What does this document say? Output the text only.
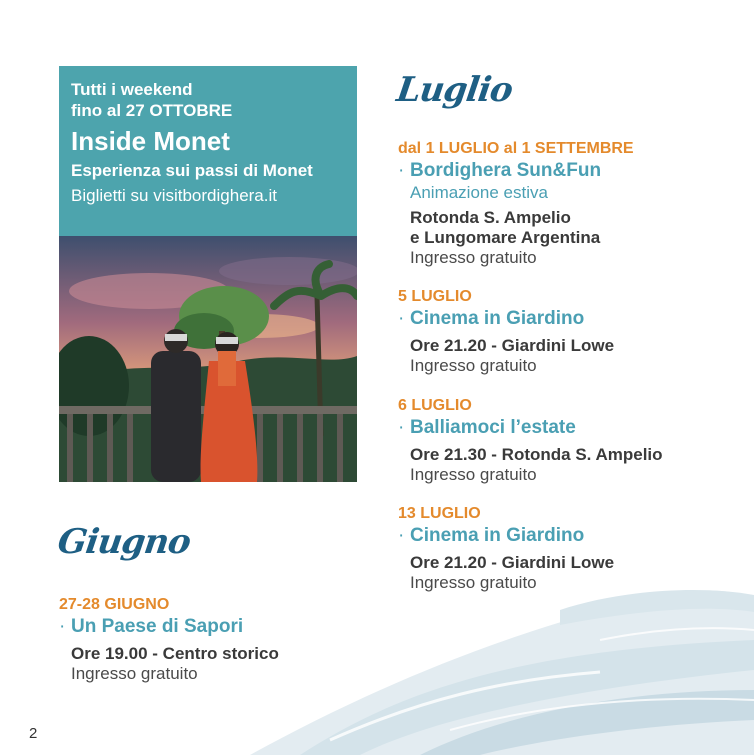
Tutti i weekend
fino al 27 OTTOBRE
Inside Monet
Esperienza sui passi di Monet
Biglietti su visitbordighera.it
Luglio
dal 1 LUGLIO al 1 SETTEMBRE
· Bordighera Sun&Fun
Animazione estiva
Rotonda S. Ampelio
e Lungomare Argentina
Ingresso gratuito
5 LUGLIO
· Cinema in Giardino
Ore 21.20 - Giardini Lowe
Ingresso gratuito
6 LUGLIO
· Balliamoci l’estate
Ore 21.30 - Rotonda S. Ampelio
Ingresso gratuito
13 LUGLIO
· Cinema in Giardino
Ore 21.20 - Giardini Lowe
Ingresso gratuito
Giugno
27-28 GIUGNO
· Un Paese di Sapori
Ore 19.00 - Centro storico
Ingresso gratuito
2
